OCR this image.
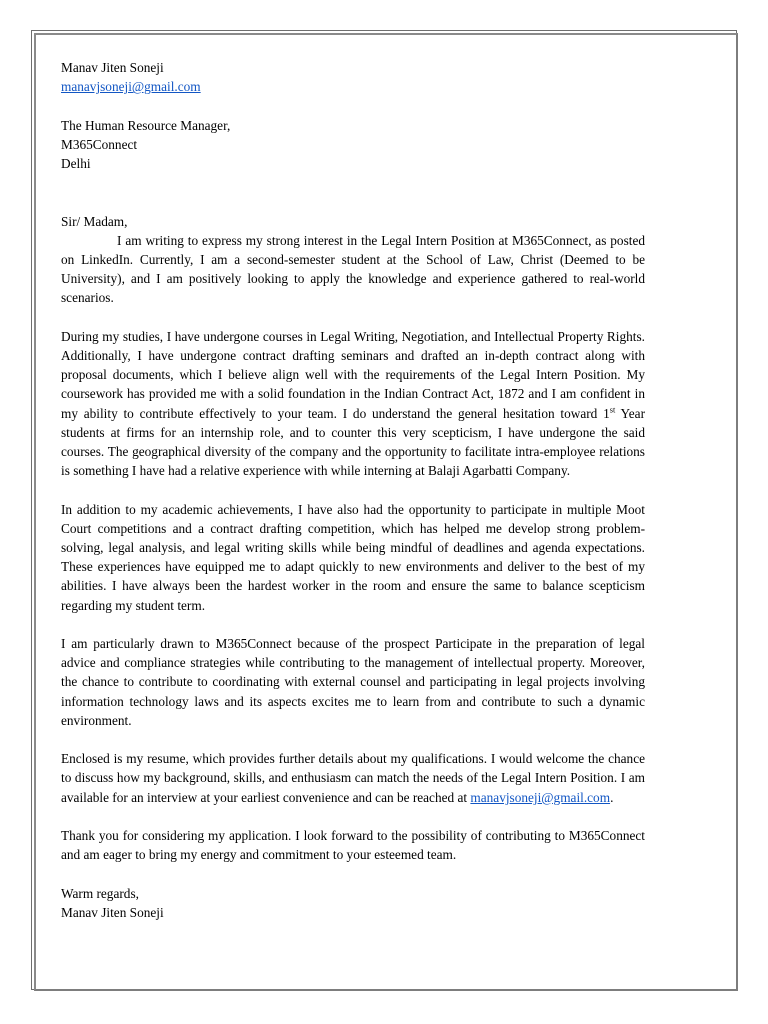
Manav Jiten Soneji
manavjsoneji@gmail.com
The Human Resource Manager,
M365Connect
Delhi
Sir/ Madam,

I am writing to express my strong interest in the Legal Intern Position at M365Connect, as posted on LinkedIn. Currently, I am a second-semester student at the School of Law, Christ (Deemed to be University), and I am positively looking to apply the knowledge and experience gathered to real-world scenarios.

During my studies, I have undergone courses in Legal Writing, Negotiation, and Intellectual Property Rights. Additionally, I have undergone contract drafting seminars and drafted an in-depth contract along with proposal documents, which I believe align well with the requirements of the Legal Intern Position. My coursework has provided me with a solid foundation in the Indian Contract Act, 1872 and I am confident in my ability to contribute effectively to your team. I do understand the general hesitation toward 1st Year students at firms for an internship role, and to counter this very scepticism, I have undergone the said courses. The geographical diversity of the company and the opportunity to facilitate intra-employee relations is something I have had a relative experience with while interning at Balaji Agarbatti Company.

In addition to my academic achievements, I have also had the opportunity to participate in multiple Moot Court competitions and a contract drafting competition, which has helped me develop strong problem-solving, legal analysis, and legal writing skills while being mindful of deadlines and agenda expectations. These experiences have equipped me to adapt quickly to new environments and deliver to the best of my abilities. I have always been the hardest worker in the room and ensure the same to balance scepticism regarding my student term.

I am particularly drawn to M365Connect because of the prospect Participate in the preparation of legal advice and compliance strategies while contributing to the management of intellectual property. Moreover, the chance to contribute to coordinating with external counsel and participating in legal projects involving information technology laws and its aspects excites me to learn from and contribute to such a dynamic environment.

Enclosed is my resume, which provides further details about my qualifications. I would welcome the chance to discuss how my background, skills, and enthusiasm can match the needs of the Legal Intern Position. I am available for an interview at your earliest convenience and can be reached at manavjsoneji@gmail.com.

Thank you for considering my application. I look forward to the possibility of contributing to M365Connect and am eager to bring my energy and commitment to your esteemed team.

Warm regards,
Manav Jiten Soneji
